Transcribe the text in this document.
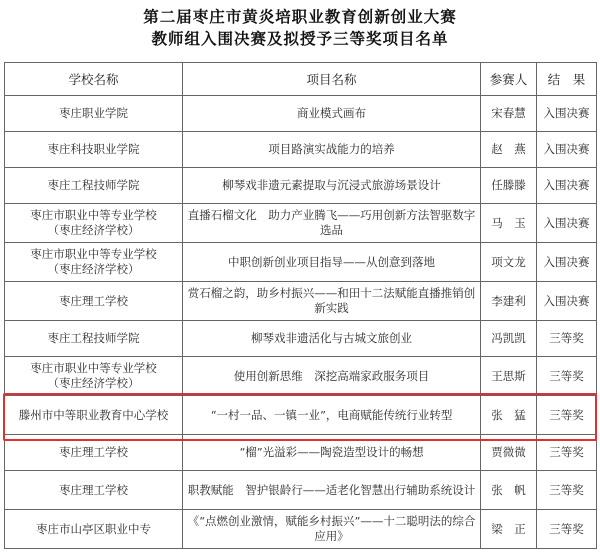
第二届枣庄市黄炎培职业教育创新创业大赛
教师组入围决赛及拟授予三等奖项目名单
学校名称	项目名称	参赛人	结　果
枣庄职业学院	商业模式画布	宋春慧	入围决赛
枣庄科技职业学院	项目路演实战能力的培养	赵　燕	入围决赛
枣庄工程技师学院	柳琴戏非遗元素提取与沉浸式旅游场景设计	任滕滕	入围决赛
枣庄市职业中等专业学校
（枣庄经济学校）	直播石榴文化　助力产业腾飞——巧用创新方法智驱数字选品	马　玉	入围决赛
枣庄市职业中等专业学校
（枣庄经济学校）	中职创新创业项目指导——从创意到落地	项文龙	入围决赛
枣庄理工学校	赏石榴之韵，助乡村振兴——和田十二法赋能直播推销创新实践	李建利	入围决赛
枣庄工程技师学院	柳琴戏非遗活化与古城文旅创业	冯凯凯	三等奖
枣庄市职业中等专业学校
（枣庄经济学校）	使用创新思维　深挖高端家政服务项目	王思斯	三等奖
滕州市中等职业教育中心学校	“一村一品、一镇一业”，电商赋能传统行业转型	张　猛	三等奖
枣庄理工学校	“榴”光溢彩——陶瓷造型设计的畅想	贾微微	三等奖
枣庄理工学校	职教赋能　智护银龄行——适老化智慧出行辅助系统设计	张　帆	三等奖
枣庄市山亭区职业中专	《“点燃创业激情，赋能乡村振兴”——十二聪明法的综合应用》	梁　正	三等奖
